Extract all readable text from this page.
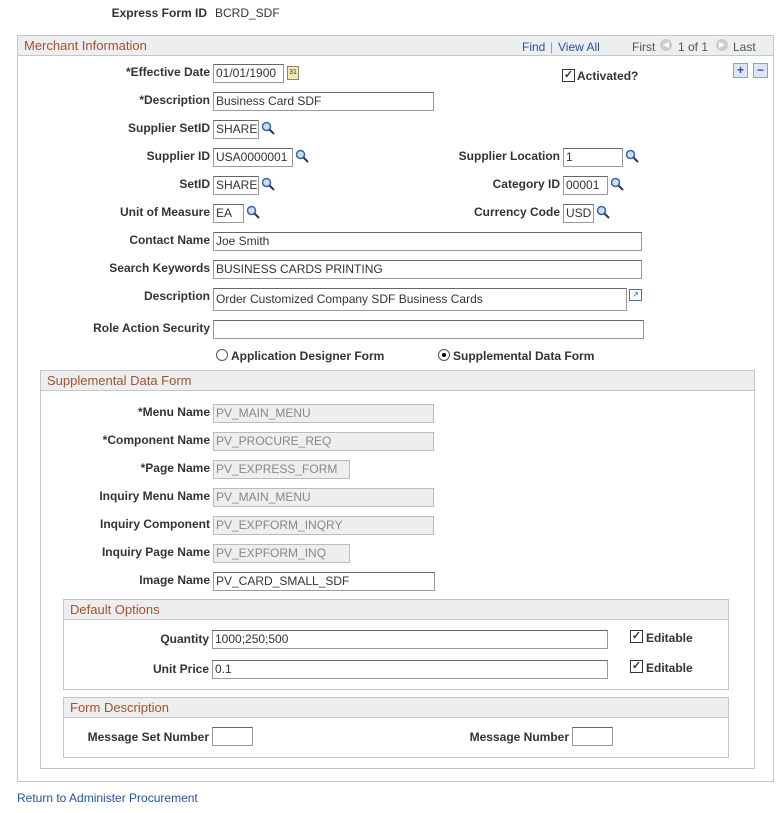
Express Form ID BCRD_SDF
Merchant Information	Find | View All	First ◀ 1 of 1	▶ Last
*Effective Date 01/01/1900	31	✓ Activated?	+	−
*Description Business Card SDF
Supplier SetID SHARE
Supplier ID USA0000001	Supplier Location 1
SetID SHARE	Category ID 00001
Unit of Measure EA	Currency Code USD
Contact Name Joe Smith
Search Keywords BUSINESS CARDS PRINTING
Description Order Customized Company SDF Business Cards	↗
Role Action Security
Application Designer Form	Supplemental Data Form
Supplemental Data Form
*Menu Name PV_MAIN_MENU
*Component Name PV_PROCURE_REQ
*Page Name PV_EXPRESS_FORM
Inquiry Menu Name PV_MAIN_MENU
Inquiry Component PV_EXPFORM_INQRY
Inquiry Page Name PV_EXPFORM_INQ
Image Name PV_CARD_SMALL_SDF
Default Options
Quantity 1000;250;500	✓ Editable
Unit Price 0.1	✓ Editable
Form Description
Message Set Number	Message Number
Return to Administer Procurement
